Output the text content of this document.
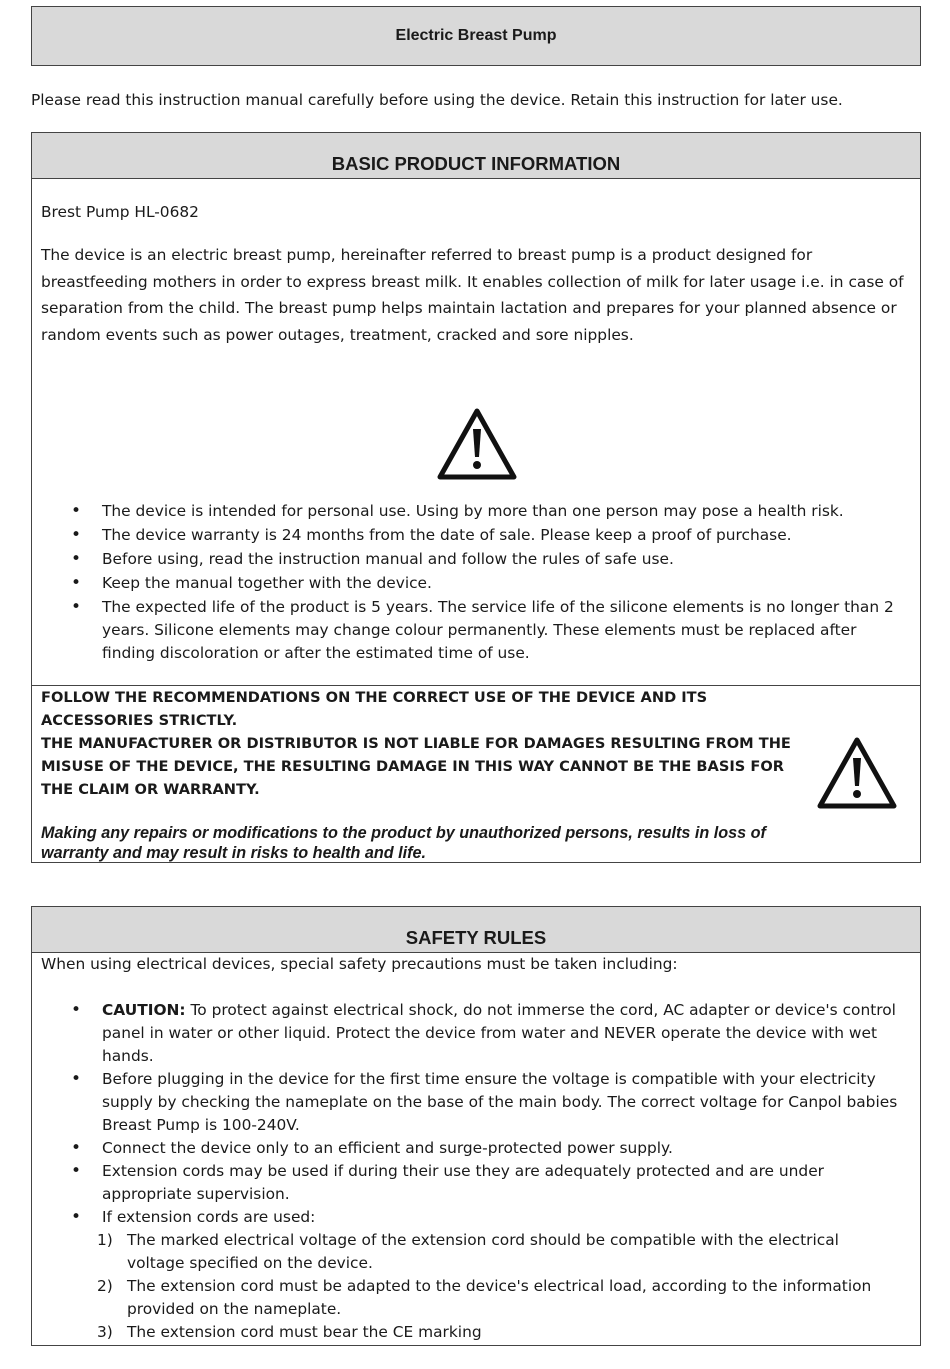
Electric Breast Pump
Please read this instruction manual carefully before using the device. Retain this instruction for later use.
BASIC PRODUCT INFORMATION
Brest Pump HL-0682
The device is an electric breast pump, hereinafter referred to breast pump is a product designed for breastfeeding mothers in order to express breast milk. It enables collection of milk for later usage i.e. in case of separation from the child. The breast pump helps maintain lactation and prepares for your planned absence or random events such as power outages, treatment, cracked and sore nipples.
• The device is intended for personal use. Using by more than one person may pose a health risk.
• The device warranty is 24 months from the date of sale. Please keep a proof of purchase.
• Before using, read the instruction manual and follow the rules of safe use.
• Keep the manual together with the device.
• The expected life of the product is 5 years. The service life of the silicone elements is no longer than 2 years. Silicone elements may change colour permanently. These elements must be replaced after finding discoloration or after the estimated time of use.
FOLLOW THE RECOMMENDATIONS ON THE CORRECT USE OF THE DEVICE AND ITS ACCESSORIES STRICTLY.
THE MANUFACTURER OR DISTRIBUTOR IS NOT LIABLE FOR DAMAGES RESULTING FROM THE MISUSE OF THE DEVICE, THE RESULTING DAMAGE IN THIS WAY CANNOT BE THE BASIS FOR THE CLAIM OR WARRANTY.
Making any repairs or modifications to the product by unauthorized persons, results in loss of warranty and may result in risks to health and life.
SAFETY RULES
When using electrical devices, special safety precautions must be taken including:
• CAUTION: To protect against electrical shock, do not immerse the cord, AC adapter or device's control panel in water or other liquid. Protect the device from water and NEVER operate the device with wet hands.
• Before plugging in the device for the first time ensure the voltage is compatible with your electricity supply by checking the nameplate on the base of the main body. The correct voltage for Canpol babies Breast Pump is 100-240V.
• Connect the device only to an efficient and surge-protected power supply.
• Extension cords may be used if during their use they are adequately protected and are under appropriate supervision.
• If extension cords are used:
1) The marked electrical voltage of the extension cord should be compatible with the electrical voltage specified on the device.
2) The extension cord must be adapted to the device's electrical load, according to the information provided on the nameplate.
3) The extension cord must bear the CE marking
